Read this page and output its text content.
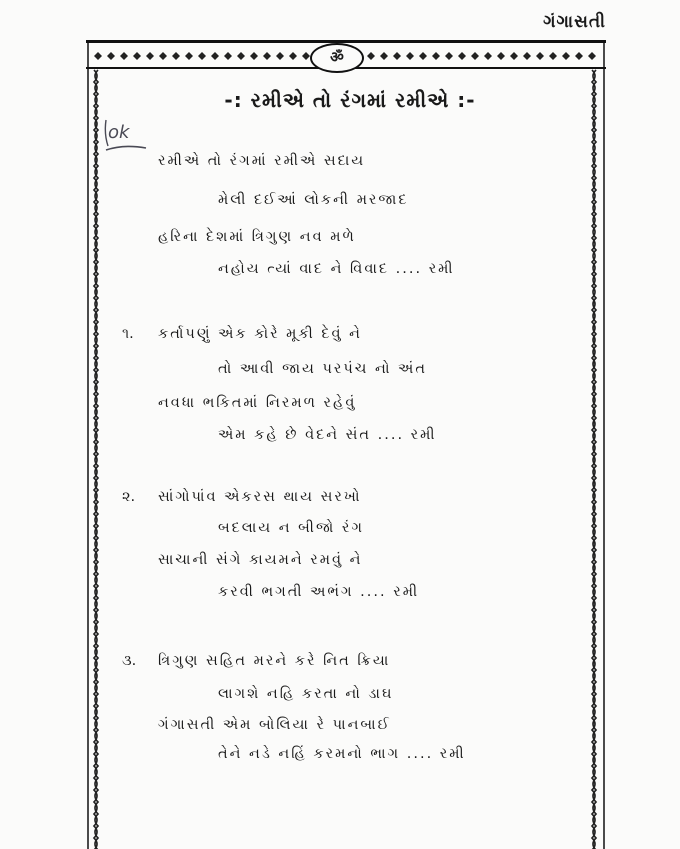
ગંગાસતી
ॐ
-: રમીએ તો રંગમાં રમીએ :-
ok
રમીએ તો રંગમાં રમીએ સદાય
મેલી દઈઆં લોકની મરજાદ
હરિના દેશમાં ત્રિગુણ નવ મળે
નહોય ત્યાં વાદ ને વિવાદ .... રમી
૧. કર્તાપણું એક કોરે મૂકી દેવું ને
તો આવી જાય પરપંચ નો અંત
નવધા ભકિતમાં નિરમળ રહેવું
એમ કહે છે વેદને સંત .... રમી
૨. સાંગોપાંવ એકરસ થાય સરખો
બદલાય ન બીજો રંગ
સાચાની સંગે કાયમને રમવું ને
કરવી ભગતી અભંગ .... રમી
૩. ત્રિગુણ સહિત મરને કરે નિત ક્રિયા
લાગશે નહિ કરતા નો ડાઘ
ગંગાસતી એમ બોલિયા રે પાનબાઈ
તેને નડે નહિં કરમનો ભાગ .... રમી
